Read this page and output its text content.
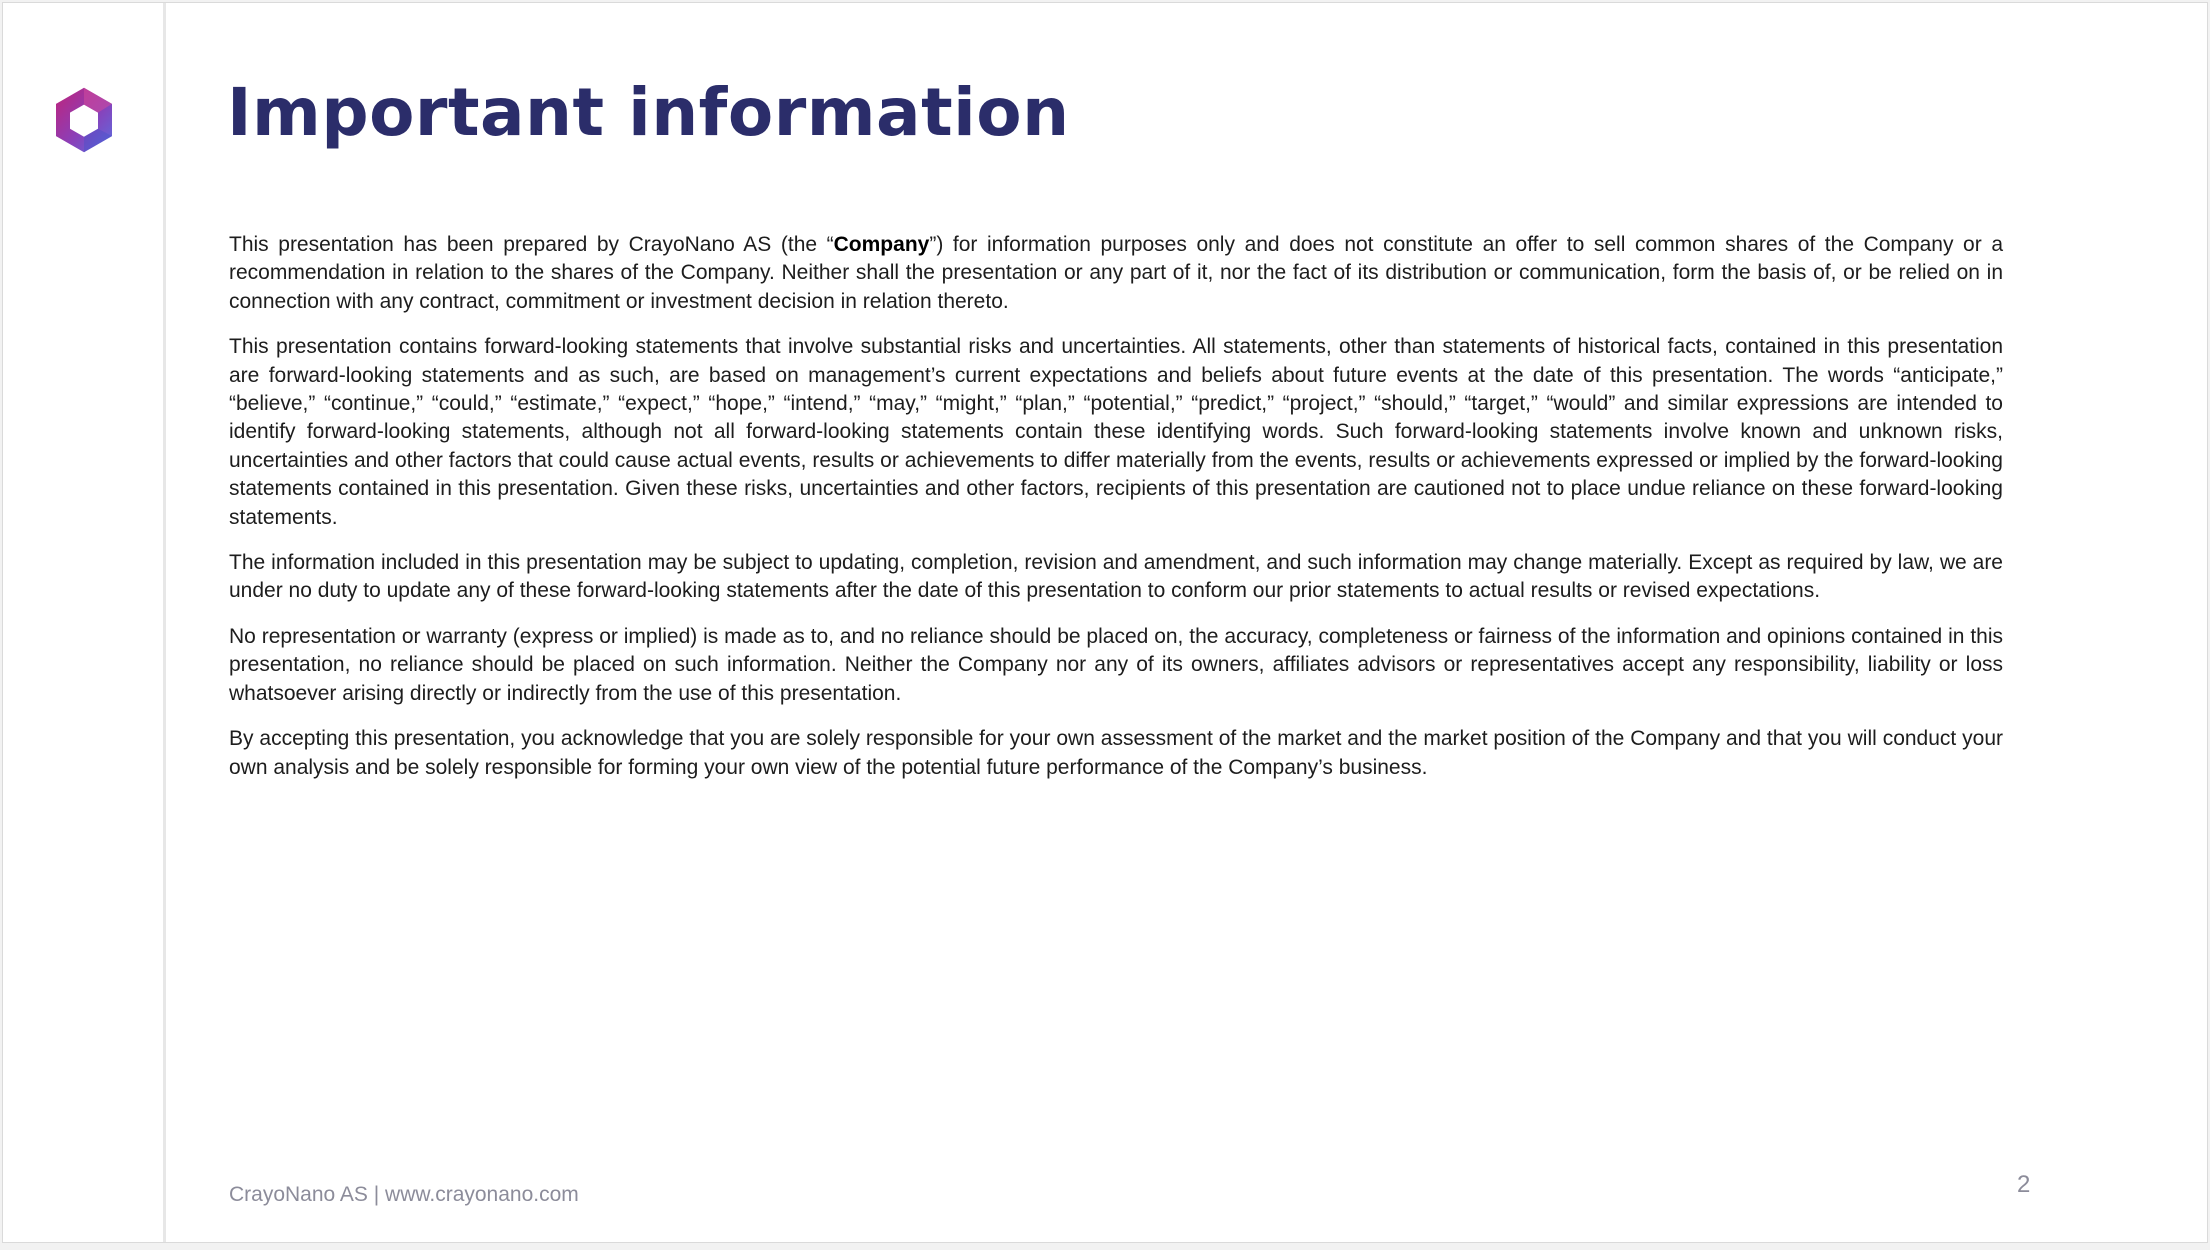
Important information

This presentation has been prepared by CrayoNano AS (the “Company”) for information purposes only and does not constitute an offer to sell common shares of the Company or a recommendation in relation to the shares of the Company. Neither shall the presentation or any part of it, nor the fact of its distribution or communication, form the basis of, or be relied on in connection with any contract, commitment or investment decision in relation thereto.

This presentation contains forward-looking statements that involve substantial risks and uncertainties. All statements, other than statements of historical facts, contained in this presentation are forward-looking statements and as such, are based on management’s current expectations and beliefs about future events at the date of this presentation. The words “anticipate,” “believe,” “continue,” “could,” “estimate,” “expect,” “hope,” “intend,” “may,” “might,” “plan,” “potential,” “predict,” “project,” “should,” “target,” “would” and similar expressions are intended to identify forward-looking statements, although not all forward-looking statements contain these identifying words. Such forward-looking statements involve known and unknown risks, uncertainties and other factors that could cause actual events, results or achievements to differ materially from the events, results or achievements expressed or implied by the forward-looking statements contained in this presentation. Given these risks, uncertainties and other factors, recipients of this presentation are cautioned not to place undue reliance on these forward-looking statements.

The information included in this presentation may be subject to updating, completion, revision and amendment, and such information may change materially. Except as required by law, we are under no duty to update any of these forward-looking statements after the date of this presentation to conform our prior statements to actual results or revised expectations.

No representation or warranty (express or implied) is made as to, and no reliance should be placed on, the accuracy, completeness or fairness of the information and opinions contained in this presentation, no reliance should be placed on such information. Neither the Company nor any of its owners, affiliates advisors or representatives accept any responsibility, liability or loss whatsoever arising directly or indirectly from the use of this presentation.

By accepting this presentation, you acknowledge that you are solely responsible for your own assessment of the market and the market position of the Company and that you will conduct your own analysis and be solely responsible for forming your own view of the potential future performance of the Company’s business.

CrayoNano AS | www.crayonano.com	2
